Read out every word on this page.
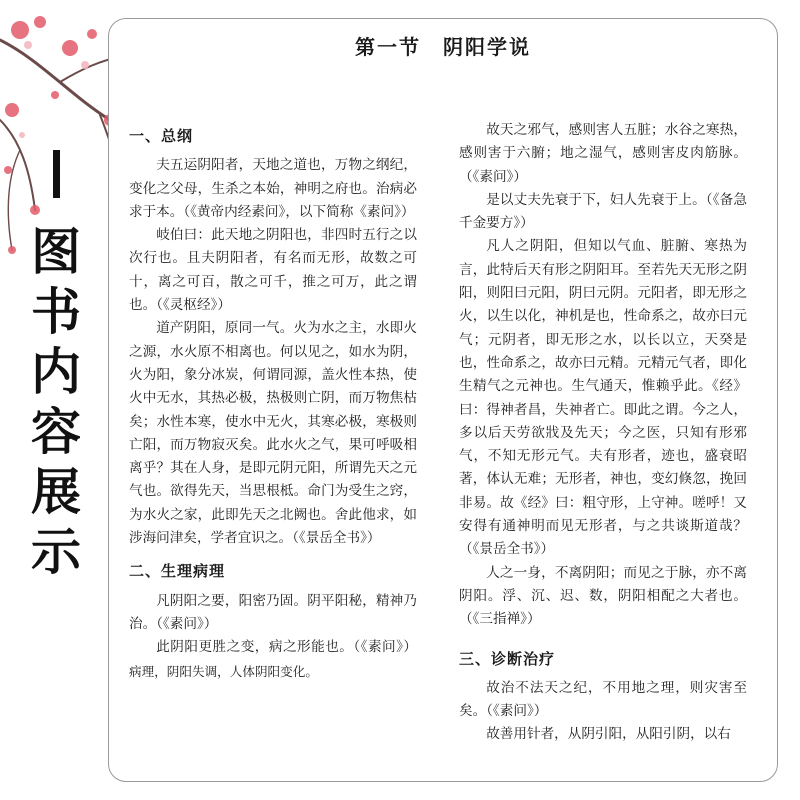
图
书
内
容
展
示
第一节　阴阳学说
一、总纲

夫五运阴阳者，天地之道也，万物之纲纪，变化之父母，生杀之本始，神明之府也。治病必求于本。（《黄帝内经素问》，以下简称《素问》）

岐伯曰：此天地之阴阳也，非四时五行之以次行也。且夫阴阳者，有名而无形，故数之可十，离之可百，散之可千，推之可万，此之谓也。（《灵枢经》）

道产阴阳，原同一气。火为水之主，水即火之源，水火原不相离也。何以见之，如水为阴，火为阳，象分冰炭，何谓同源，盖火性本热，使火中无水，其热必极，热极则亡阴，而万物焦枯矣；水性本寒，使水中无火，其寒必极，寒极则亡阳，而万物寂灭矣。此水火之气，果可呼吸相离乎？其在人身，是即元阴元阳，所谓先天之元气也。欲得先天，当思根柢。命门为受生之窍，为水火之家，此即先天之北阙也。舍此他求，如涉海问津矣，学者宜识之。（《景岳全书》）

二、生理病理

凡阴阳之要，阳密乃固。阴平阳秘，精神乃治。（《素问》）

此阴阳更胜之变，病之形能也。（《素问》）病理，阴阳失调，人体阴阳变化。

故天之邪气，感则害人五脏；水谷之寒热，感则害于六腑；地之湿气，感则害皮肉筋脉。（《素问》）

是以丈夫先衰于下，妇人先衰于上。（《备急千金要方》）

凡人之阴阳，但知以气血、脏腑、寒热为言，此特后天有形之阴阳耳。至若先天无形之阴阳，则阳曰元阳，阴曰元阴。元阳者，即无形之火，以生以化，神机是也，性命系之，故亦曰元气；元阴者，即无形之水，以长以立，天癸是也，性命系之，故亦曰元精。元精元气者，即化生精气之元神也。生气通天，惟赖乎此。《经》曰：得神者昌，失神者亡。即此之谓。今之人，多以后天劳欲戕及先天；今之医，只知有形邪气，不知无形元气。夫有形者，迹也，盛衰昭著，体认无难；无形者，神也，变幻倏忽，挽回非易。故《经》曰：粗守形，上守神。嗟呼！又安得有通神明而见无形者，与之共谈斯道哉？（《景岳全书》）

人之一身，不离阴阳；而见之于脉，亦不离阴阳。浮、沉、迟、数，阴阳相配之大者也。（《三指禅》）

三、诊断治疗

故治不法天之纪，不用地之理，则灾害至矣。（《素问》）

故善用针者，从阴引阳，从阳引阴，以右
